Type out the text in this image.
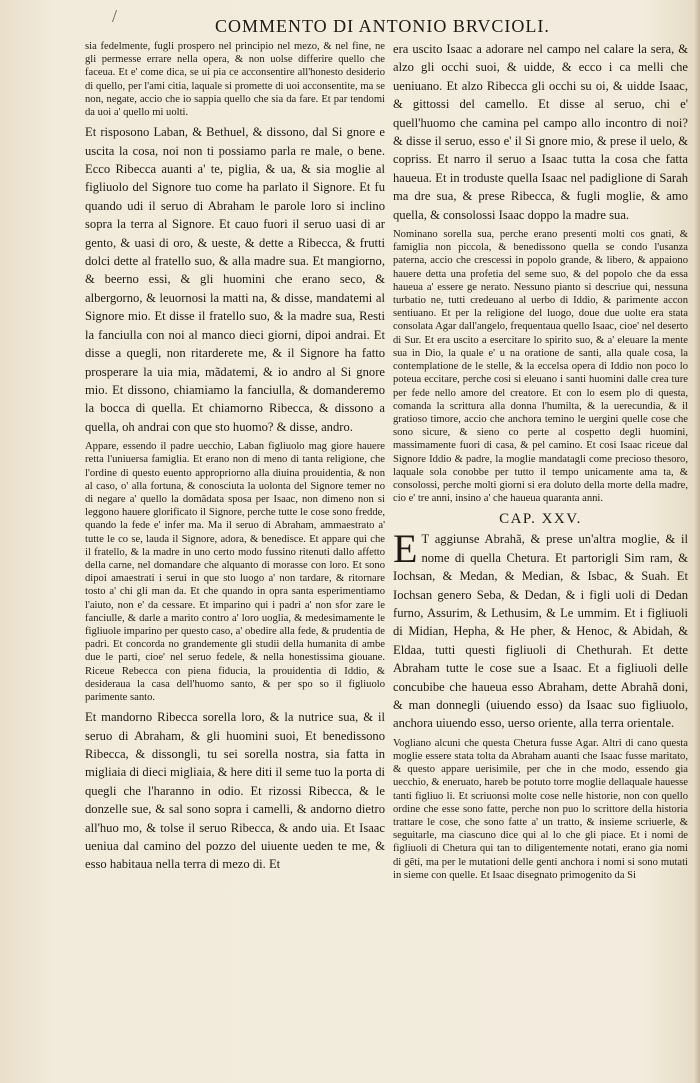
/	COMMENTO DI ANTONIO BRVCIOLI.

sia fedelmente, fugli prospero nel principio nel mezo, & nel fine, ne gli permesse errare nella opera, & non uolse differire quello che faceua. Et e' come dica, se ui pia ce acconsentire all'honesto desiderio di quello, per l'ami citia, laquale si promette di uoi acconsentite, ma se non, negate, accio che io sappia quello che sia da fare. Et par tendomi da uoi a' quello mi uolti.

Et risposono Laban, & Bethuel, & dissono, dal Si gnore e uscita la cosa, noi non ti possiamo parla re male, o bene. Ecco Ribecca auanti a' te, piglia, & ua, & sia moglie al figliuolo del Signore tuo come ha parlato il Signore. Et fu quando udi il seruo di Abraham le parole loro si inclino sopra la terra al Signore. Et cauo fuori il seruo uasi di ar gento, & uasi di oro, & ueste, & dette a Ribecca, & frutti dolci dette al fratello suo, & alla madre sua. Et mangiorno, & beerno essi, & gli huomini che erano seco, & albergorno, & leuornosi la matti na, & disse, mandatemi al Signore mio. Et disse il fratello suo, & la madre sua, Resti la fanciulla con noi al manco dieci giorni, dipoi andrai. Et disse a quegli, non ritarderete me, & il Signore ha fatto prosperare la uia mia, mãdatemi, & io andro al Si gnore mio. Et dissono, chiamiamo la fanciulla, & domanderemo la bocca di quella. Et chiamorno Ribecca, & dissono a quella, oh andrai con que sto huomo? & disse, andro.

Appare, essendo il padre uecchio, Laban figliuolo mag giore hauere retta l'uniuersa famiglia. Et erano non di meno di tanta religione, che l'ordine di questo euento appropriorno alla diuina prouidentia, & non al caso, o' alla fortuna, & conosciuta la uolonta del Signore temer no di negare a' quello la domãdata sposa per Isaac, non dimeno non si leggono hauere glorificato il Signore, perche tutte le cose sono fredde, quando la fede e' infer ma. Ma il seruo di Abraham, ammaestrato a' tutte le co se, lauda il Signore, adora, & benedisce. Et appare qui che il fratello, & la madre in uno certo modo fussino ritenuti dallo affetto della carne, nel domandare che alquanto di morasse con loro. Et sono dipoi amaestrati i serui in que sto luogo a' non tardare, & ritornare tosto a' chi gli man da. Et che quando in opra santa esperimentiamo l'aiuto, non e' da cessare. Et imparino qui i padri a' non sfor zare le fanciulle, & darle a marito contro a' loro uoglia, & medesimamente le figliuole imparino per questo caso, a' obedire alla fede, & prudentia de padri. Et concorda no grandemente gli studii della humanita di ambe due le parti, cioe' nel seruo fedele, & nella honestissima giouane. Riceue Rebecca con piena fiducia, la prouidentia di Iddio, & desideraua la casa dell'huomo santo, & per spo so il figliuolo parimente santo.

Et mandorno Ribecca sorella loro, & la nutrice sua, & il seruo di Abraham, & gli huomini suoi, Et benedissono Ribecca, & dissongli, tu sei sorella nostra, sia fatta in migliaia di dieci migliaia, & here diti il seme tuo la porta di quegli che l'haranno in odio. Et rizossi Ribecca, & le donzelle sue, & sal sono sopra i camelli, & andorno dietro all'huo mo, & tolse il seruo Ribecca, & ando uia. Et Isaac ueniua dal camino del pozzo del uiuente ueden te me, & esso habitaua nella terra di mezo di. Et

era uscito Isaac a adorare nel campo nel calare la sera, & alzo gli occhi suoi, & uidde, & ecco i ca melli che ueniuano. Et alzo Ribecca gli occhi su oi, & uidde Isaac, & gittossi del camello. Et disse al seruo, chi e' quell'huomo che camina pel campo allo incontro di noi? & disse il seruo, esso e' il Si gnore mio, & prese il uelo, & copriss. Et narro il seruo a Isaac tutta la cosa che fatta haueua. Et in troduste quella Isaac nel padiglione di Sarah ma dre sua, & prese Ribecca, & fugli moglie, & amo quella, & consolossi Isaac doppo la madre sua.

Nominano sorella sua, perche erano presenti molti cos gnati, & famiglia non piccola, & benedissono quella se condo l'usanza paterna, accio che crescessi in popolo grande, & libero, & appaiono hauere detta una profetia del seme suo, & del popolo che da essa haueua a' essere ge nerato. Nessuno pianto si descriue qui, nessuna turbatio ne, tutti credeuano al uerbo di Iddio, & parimente accon sentiuano. Et per la religione del luogo, doue due uolte era stata consolata Agar dall'angelo, frequentaua quello Isaac, cioe' nel deserto di Sur. Et era uscito a esercitare lo spirito suo, & a' eleuare la mente sua in Dio, la quale e' u na oratione de santi, alla quale cosa, la contemplatione de le stelle, & la eccelsa opera di Iddio non poco lo poteua eccitare, perche cosi si eleuano i santi huomini dalle crea ture per fede nello amore del creatore. Et con lo esem plo di questa, comanda la scrittura alla donna l'humilta, & la uerecundia, & il gratioso timore, accio che anchora temino le uergini quelle cose che sono sicure, & sieno co perte al cospetto degli huomini, massimamente fuori di casa, & pel camino. Et cosi Isaac riceue dal Signore Iddio & padre, la moglie mandatagli come precioso thesoro, laquale sola conobbe per tutto il tempo unicamente ama ta, & consolossi, perche molti giorni si era doluto della morte della madre, cio e' tre anni, insino a' che haueua quaranta anni.

CAP. XXV.

E T aggiunse Abrahã, & prese un'altra moglie, & il nome di quella Chetura. Et partorigli Sim ram, & Iochsan, & Medan, & Median, & Isbac, & Suah. Et Iochsan genero Seba, & Dedan, & i figli uoli di Dedan furno, Assurim, & Lethusim, & Le ummim. Et i figliuoli di Midian, Hepha, & He pher, & Henoc, & Abidah, & Eldaa, tutti questi figliuoli di Chethurah. Et dette Abraham tutte le cose sue a Isaac. Et a figliuoli delle concubibe che haueua esso Abraham, dette Abrahã doni, & man donnegli (uiuendo esso) da Isaac suo figliuolo, anchora uiuendo esso, uerso oriente, alla terra orientale.

Vogliano alcuni che questa Chetura fusse Agar. Altri di cano questa moglie essere stata tolta da Abraham auanti che Isaac fusse maritato, & questo appare uerisimile, per che in che modo, essendo gia uecchio, & eneruato, hareb be potuto torre moglie dellaquale hauesse tanti figliuo li. Et scriuonsi molte cose nelle historie, non con quello ordine che esse sono fatte, perche non puo lo scrittore della historia trattare le cose, che sono fatte a' un tratto, & insieme scriuerle, & seguitarle, ma ciascuno dice qui al lo che gli piace. Et i nomi de figliuoli di Chetura qui tan to diligentemente notati, erano gia nomi di gẽti, ma per le mutationi delle genti anchora i nomi si sono mutati in sieme con quelle. Et Isaac disegnato primogenito da Si
